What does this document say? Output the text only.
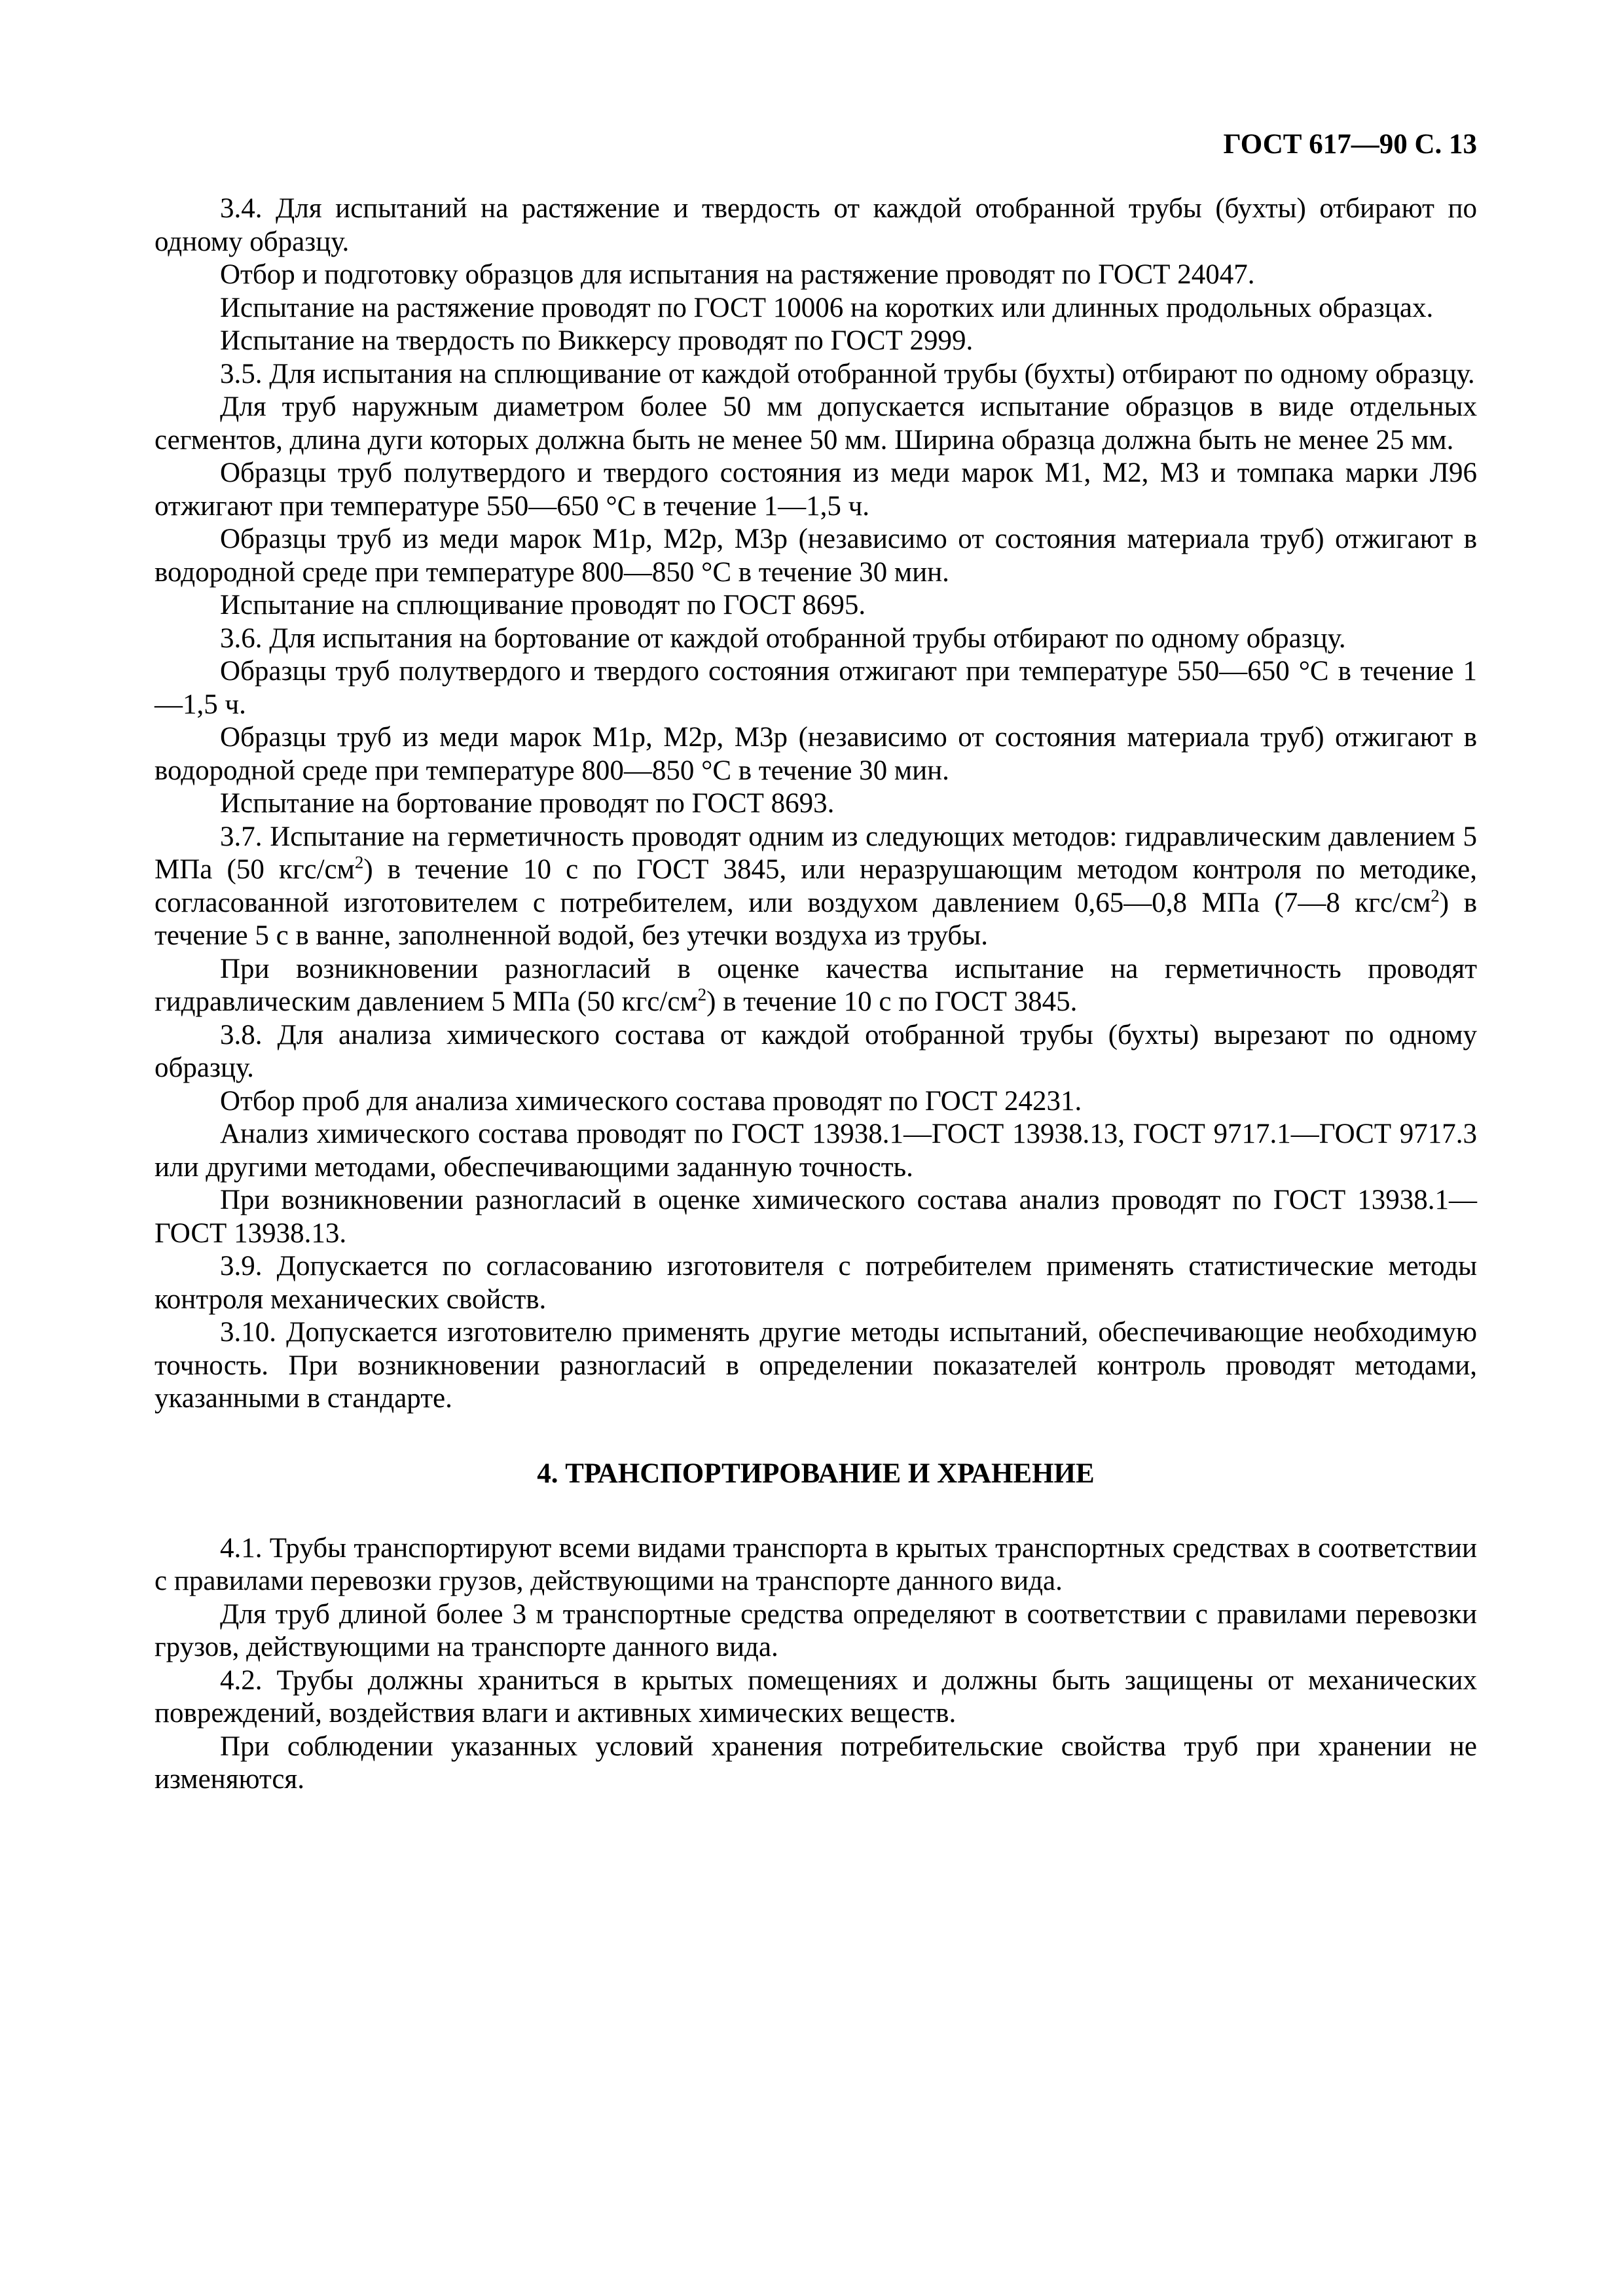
ГОСТ 617—90 С. 13

3.4. Для испытаний на растяжение и твердость от каждой отобранной трубы (бухты) отбирают по одному образцу.

Отбор и подготовку образцов для испытания на растяжение проводят по ГОСТ 24047.

Испытание на растяжение проводят по ГОСТ 10006 на коротких или длинных продольных образцах.

Испытание на твердость по Виккерсу проводят по ГОСТ 2999.

3.5. Для испытания на сплющивание от каждой отобранной трубы (бухты) отбирают по одному образцу.

Для труб наружным диаметром более 50 мм допускается испытание образцов в виде отдельных сегментов, длина дуги которых должна быть не менее 50 мм. Ширина образца должна быть не менее 25 мм.

Образцы труб полутвердого и твердого состояния из меди марок М1, М2, М3 и томпака марки Л96 отжигают при температуре 550—650 °С в течение 1—1,5 ч.

Образцы труб из меди марок М1р, М2р, М3р (независимо от состояния материала труб) отжигают в водородной среде при температуре 800—850 °С в течение 30 мин.

Испытание на сплющивание проводят по ГОСТ 8695.

3.6. Для испытания на бортование от каждой отобранной трубы отбирают по одному образцу.

Образцы труб полутвердого и твердого состояния отжигают при температуре 550—650 °С в течение 1—1,5 ч.

Образцы труб из меди марок М1р, М2р, М3р (независимо от состояния материала труб) отжигают в водородной среде при температуре 800—850 °С в течение 30 мин.

Испытание на бортование проводят по ГОСТ 8693.

3.7. Испытание на герметичность проводят одним из следующих методов: гидравлическим давлением 5 МПа (50 кгс/$см^2$) в течение 10 с по ГОСТ 3845, или неразрушающим методом контроля по методике, согласованной изготовителем с потребителем, или воздухом давлением 0,65—0,8 МПа (7—8 кгс/$см^2$) в течение 5 с в ванне, заполненной водой, без утечки воздуха из трубы.

При возникновении разногласий в оценке качества испытание на герметичность проводят гидравлическим давлением 5 МПа (50 кгс/$см^2$) в течение 10 с по ГОСТ 3845.

3.8. Для анализа химического состава от каждой отобранной трубы (бухты) вырезают по одному образцу.

Отбор проб для анализа химического состава проводят по ГОСТ 24231.

Анализ химического состава проводят по ГОСТ 13938.1—ГОСТ 13938.13, ГОСТ 9717.1—ГОСТ 9717.3 или другими методами, обеспечивающими заданную точность.

При возникновении разногласий в оценке химического состава анализ проводят по ГОСТ 13938.1—ГОСТ 13938.13.

3.9. Допускается по согласованию изготовителя с потребителем применять статистические методы контроля механических свойств.

3.10. Допускается изготовителю применять другие методы испытаний, обеспечивающие необходимую точность. При возникновении разногласий в определении показателей контроль проводят методами, указанными в стандарте.

4. ТРАНСПОРТИРОВАНИЕ И ХРАНЕНИЕ

4.1. Трубы транспортируют всеми видами транспорта в крытых транспортных средствах в соответствии с правилами перевозки грузов, действующими на транспорте данного вида.

Для труб длиной более 3 м транспортные средства определяют в соответствии с правилами перевозки грузов, действующими на транспорте данного вида.

4.2. Трубы должны храниться в крытых помещениях и должны быть защищены от механических повреждений, воздействия влаги и активных химических веществ.

При соблюдении указанных условий хранения потребительские свойства труб при хранении не изменяются.
